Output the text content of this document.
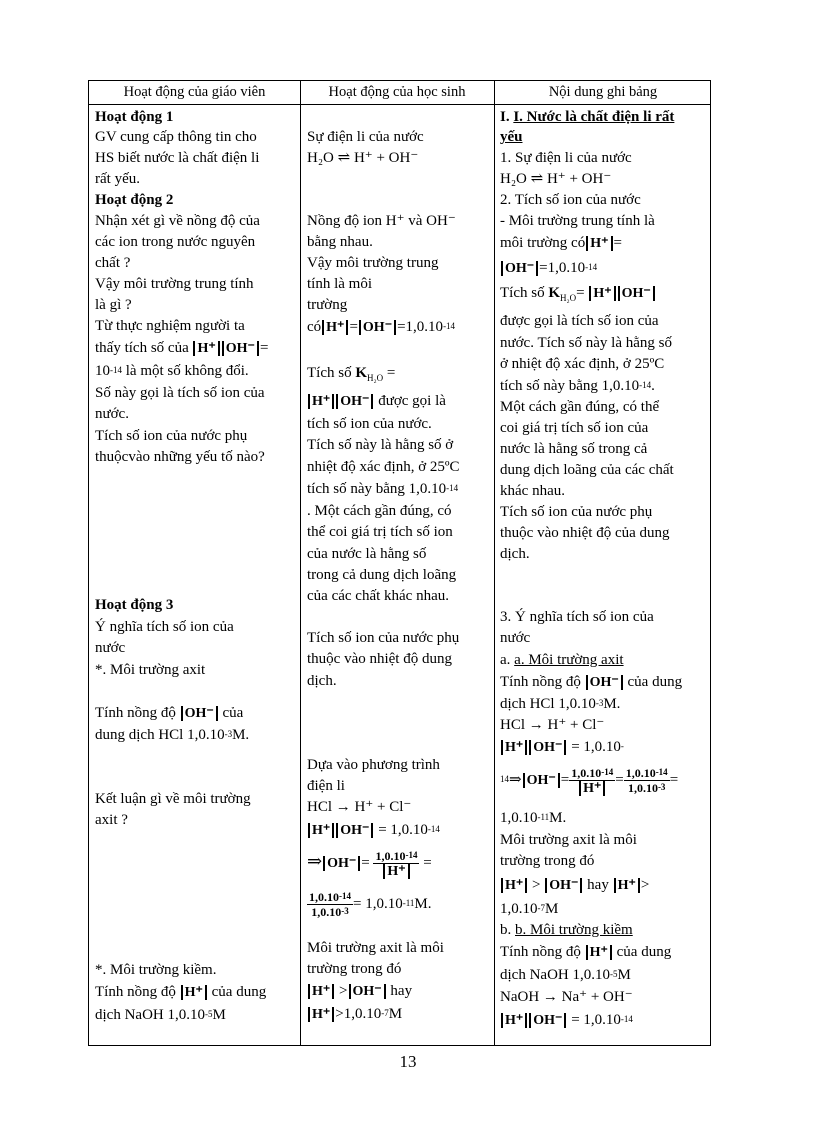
Hoạt động của giáo viên	Hoạt động của học sinh	Nội dung ghi bảng
Hoạt động 1
GV cung cấp thông tin cho
HS biết nước là chất điện li
rất yếu.
Hoạt động 2
Nhận xét gì về nồng độ của
các ion trong nước nguyên
chất ?
Vậy môi trường trung tính
là gì ?
Từ thực nghiệm người ta
thấy tích số của H⁺ OH⁻ =
$10^{-14}$ là một số không đổi.
Số này gọi là tích số ion của
nước.
Tích số ion của nước phụ
thuộcvào những yếu tố nào?
Hoạt động 3
Ý nghĩa tích số ion của
nước
*. Môi trường axit
Tính nồng độ OH⁻ của
dung dịch HCl $1,0.10^{-3}M$.
Kết luận gì về môi trường
axit ?
*. Môi trường kiềm.
Tính nồng độ H⁺ của dung
dịch NaOH $1,0.10^{-5}M$
Sự điện li của nước
H₂O ⇌ H⁺ + OH⁻
Nồng độ ion H⁺ và OH⁻
bằng nhau.
Vậy môi trường trung
tính là môi
trường
có $H^+ = OH^- =1,0.10^{-14}$
Tích số $K_{H_2O}$ =
H⁺ OH⁻ được gọi là
tích số ion của nước.
Tích số này là hằng số ở
nhiệt độ xác định, ở 25ºC
tích số này bằng $1,0.10^{-14}$
. Một cách gần đúng, có
thể coi giá trị tích số ion
của nước là hằng số
trong cả dung dịch loãng
của các chất khác nhau.
Tích số ion của nước phụ
thuộc vào nhiệt độ dung
dịch.
Dựa vào phương trình
điện li
HCl → H⁺ + Cl⁻
H⁺ $OH^- = 1,0.10^{-14}$
⇒ $OH^- = \frac{1,0.10^{-14}}{H^+}$ =
$\frac{1,0.10^{-14}}{1,0.10^{-3}} = 1,0.10^{-11}M$.
Môi trường axit là môi
trường trong đó
H⁺ > OH⁻ hay
$H^+ >1,0.10^{-7}M$
I. I. Nước là chất điện li rất
yếu
1. Sự điện li của nước
H₂O ⇌ H⁺ + OH⁻
2. Tích số ion của nước
- Môi trường trung tính là
môi trường có H⁺ =
$OH^- =1,0.10^{-14}$
Tích số $K_{H_2O}= H^+$ OH⁻
được gọi là tích số ion của
nước. Tích số này là hằng số
ở nhiệt độ xác định, ở 25ºC
tích số này bằng $1,0.10^{-14}$.
Một cách gần đúng, có thể
coi giá trị tích số ion của
nước là hằng số trong cả
dung dịch loãng của các chất
khác nhau.
Tích số ion của nước phụ
thuộc vào nhiệt độ của dung
dịch.
3. Ý nghĩa tích số ion của
nước
a. a. Môi trường axit
Tính nồng độ OH⁻ của dung
dịch HCl $1,0.10^{-3}M$.
HCl → H⁺ + Cl⁻
H⁺ OH⁻ = 1,0.10-
$^{14}$⇒ $OH^- = \frac{1,0.10^{-14}}{H^+} = \frac{1,0.10^{-14}}{1,0.10^{-3}}$ =
$1,0.10^{-11}M$.
Môi trường axit là môi
trường trong đó
H⁺ > OH⁻ hay H⁺ >
$1,0.10^{-7}M$
b. b. Môi trường kiềm
Tính nồng độ H⁺ của dung
dịch NaOH $1,0.10^{-5}M$
NaOH → Na⁺ + OH⁻
H⁺ $OH^- = 1,0.10^{-14}$
13
